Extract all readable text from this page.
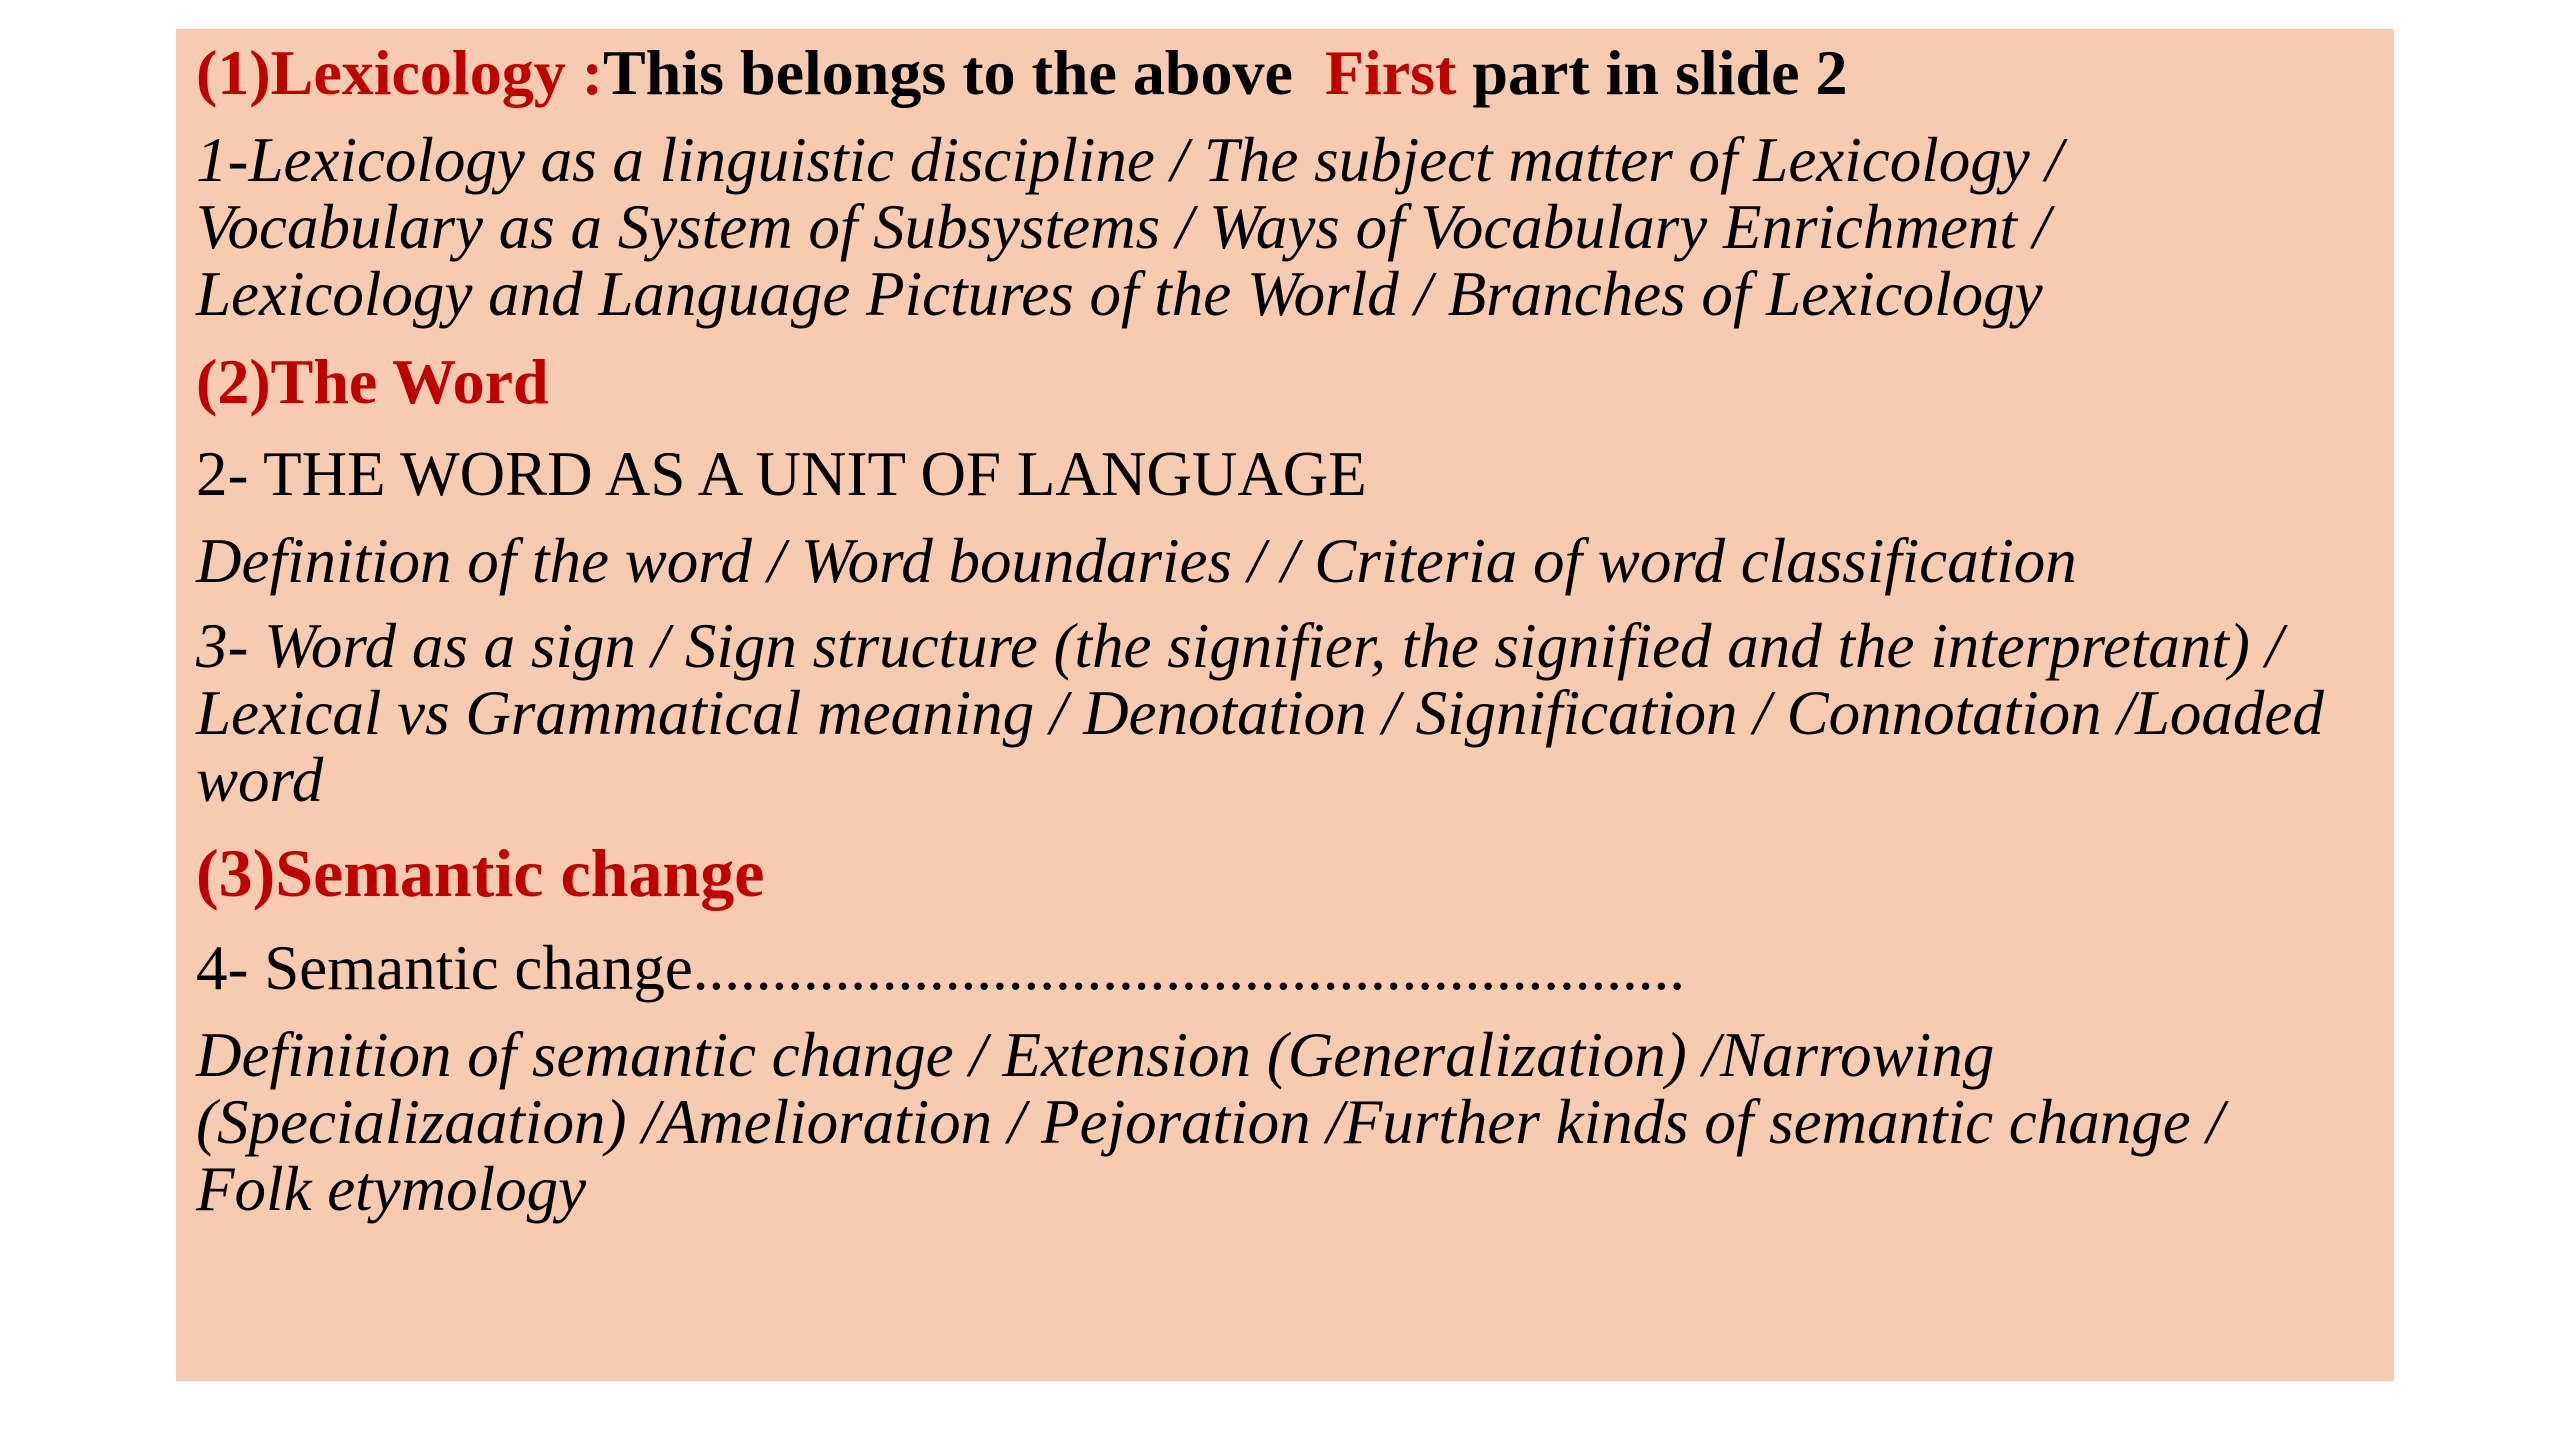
(1)Lexicology :This belongs to the above  First part in slide 2

1-Lexicology as a linguistic discipline / The subject matter of Lexicology / Vocabulary as a System of Subsystems / Ways of Vocabulary Enrichment / Lexicology and Language Pictures of the World / Branches of Lexicology

(2)The Word

2- THE WORD AS A UNIT OF LANGUAGE

Definition of the word / Word boundaries / / Criteria of word classification

3- Word as a sign / Sign structure (the signifier, the signified and the interpretant) / Lexical vs Grammatical meaning / Denotation / Signification / Connotation /Loaded word

(3)Semantic change

4- Semantic change...............................................................

Definition of semantic change / Extension (Generalization) /Narrowing (Specializaation) /Amelioration / Pejoration /Further kinds of semantic change / Folk etymology
